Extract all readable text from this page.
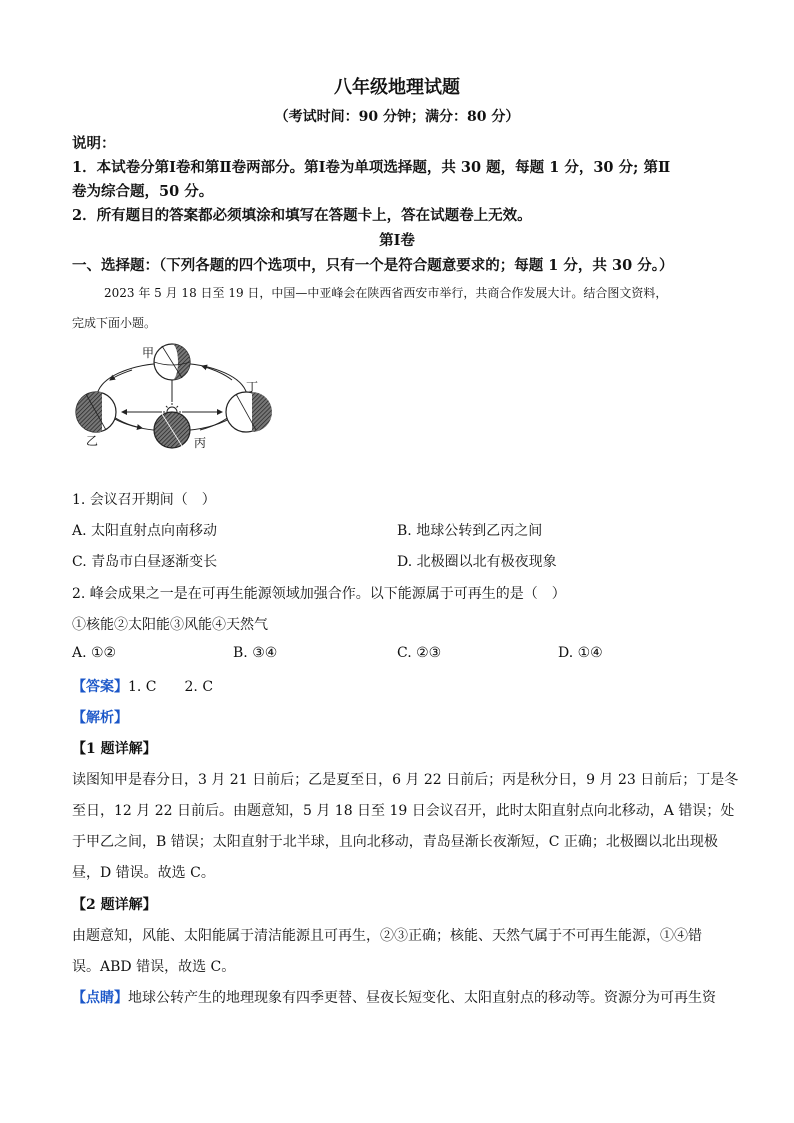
八年级地理试题
（考试时间：90 分钟；满分：80 分）
说明：
1．本试卷分第Ⅰ卷和第Ⅱ卷两部分。第Ⅰ卷为单项选择题，共 30 题，每题 1 分，30 分; 第Ⅱ
卷为综合题，50 分。
2．所有题目的答案都必须填涂和填写在答题卡上，答在试题卷上无效。
第Ⅰ卷
一、选择题：（下列各题的四个选项中，只有一个是符合题意要求的；每题 1 分，共 30 分。）
2023 年 5 月 18 日至 19 日，中国—中亚峰会在陕西省西安市举行，共商合作发展大计。结合图文资料，
完成下面小题。
甲
乙	丙
丁
1. 会议召开期间（　）
A. 太阳直射点向南移动	B. 地球公转到乙丙之间
C. 青岛市白昼逐渐变长	D. 北极圈以北有极夜现象
2. 峰会成果之一是在可再生能源领域加强合作。以下能源属于可再生的是（　）
①核能②太阳能③风能④天然气
A. ①②	B. ③④	C. ②③	D. ①④
【答案】1. C　　2. C
【解析】
【1 题详解】
读图知甲是春分日，3 月 21 日前后；乙是夏至日，6 月 22 日前后；丙是秋分日，9 月 23 日前后；丁是冬
至日，12 月 22 日前后。由题意知，5 月 18 日至 19 日会议召开，此时太阳直射点向北移动，A 错误；处
于甲乙之间，B 错误；太阳直射于北半球，且向北移动，青岛昼渐长夜渐短，C 正确；北极圈以北出现极
昼，D 错误。故选 C。
【2 题详解】
由题意知，风能、太阳能属于清洁能源且可再生，②③正确；核能、天然气属于不可再生能源，①④错
误。ABD 错误，故选 C。
【点睛】地球公转产生的地理现象有四季更替、昼夜长短变化、太阳直射点的移动等。资源分为可再生资
